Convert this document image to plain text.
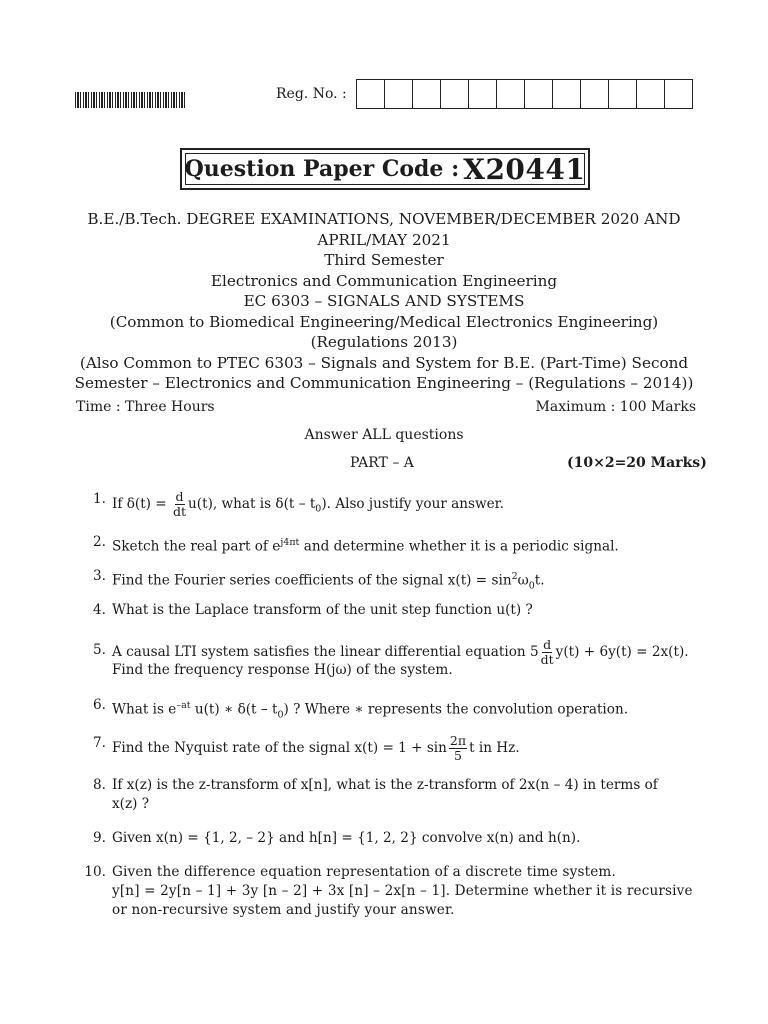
Reg. No. :
Question Paper Code : X20441
B.E./B.Tech. DEGREE EXAMINATIONS, NOVEMBER/DECEMBER 2020 AND
APRIL/MAY 2021
Third Semester
Electronics and Communication Engineering
EC 6303 – SIGNALS AND SYSTEMS
(Common to Biomedical Engineering/Medical Electronics Engineering)
(Regulations 2013)
(Also Common to PTEC 6303 – Signals and System for B.E. (Part-Time) Second
Semester – Electronics and Communication Engineering – (Regulations – 2014))
Time : Three Hours	Maximum : 100 Marks
Answer ALL questions
PART – A	(10×2=20 Marks)
1. If $\delta(t) = \frac{d}{dt} u(t)$, what is $\delta(t - t_0)$. Also justify your answer.
2. Sketch the real part of $e^{j4\pi t}$ and determine whether it is a periodic signal.
3. Find the Fourier series coefficients of the signal $x(t) = \sin^2\omega_0t$.
4. What is the Laplace transform of the unit step function u(t) ?
5. A causal LTI system satisfies the linear differential equation $5 \frac{d}{dt} y(t) + 6y(t) = 2x(t)$.
Find the frequency response H(jω) of the system.
6. What is $e^{-at}$ u(t) ∗ $\delta(t - t_0)$ ? Where ∗ represents the convolution operation.
7. Find the Nyquist rate of the signal $x(t) = 1 + \sin \frac{2\pi}{5}$ t in Hz.
8. If x(z) is the z-transform of x[n], what is the z-transform of 2x(n – 4) in terms of
x(z) ?
9. Given x(n) = {1, 2, – 2} and h[n] = {1, 2, 2} convolve x(n) and h(n).
10. Given the difference equation representation of a discrete time system.
y[n] = 2y[n – 1] + 3y [n – 2] + 3x [n] – 2x[n – 1]. Determine whether it is recursive
or non-recursive system and justify your answer.
